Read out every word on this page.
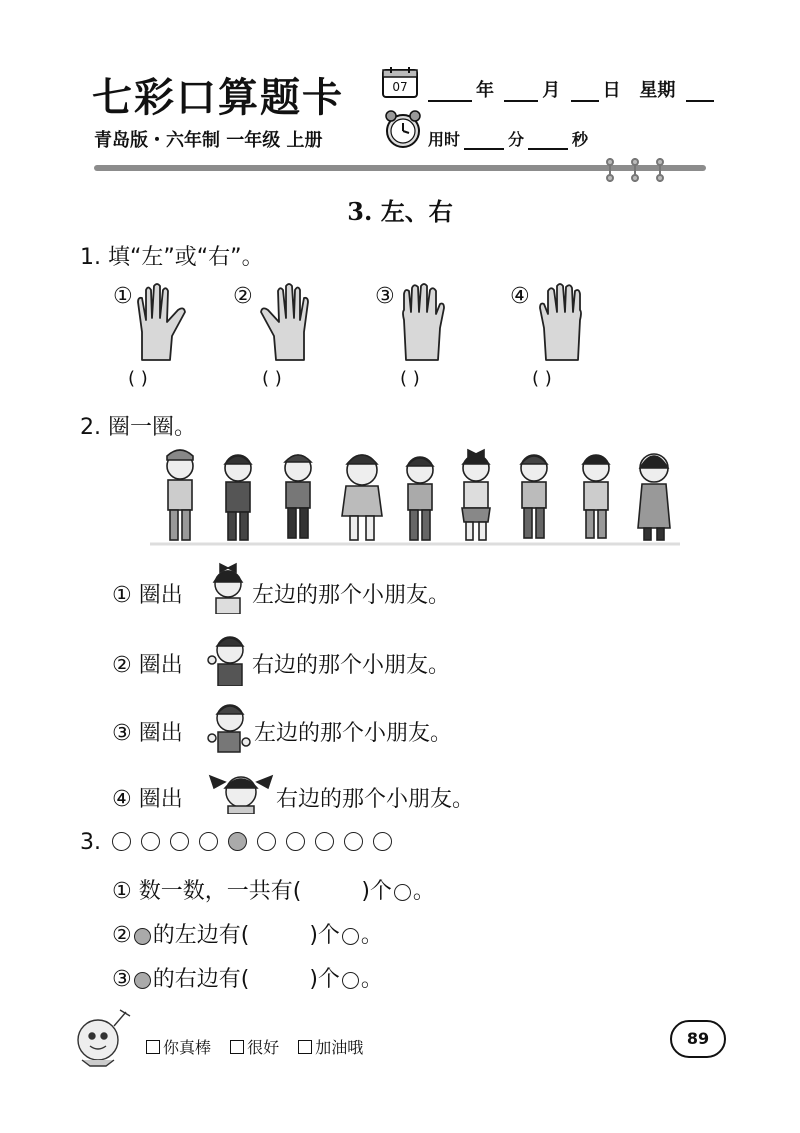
七彩口算题卡	07	年	月 日 星期
青岛版・六年制 一年级 上册	用时	分	秒
3. 左、右
1. 填“左”或“右”。
①	②	③	④
( )	( )	( )	( )
2. 圈一圈。
① 圈出	左边的那个小朋友。
② 圈出	右边的那个小朋友。
③ 圈出	左边的那个小朋友。
④ 圈出	右边的那个小朋友。
3.
① 数一数，一共有(	)个 。
② 的左边有(	)个 。
③ 的右边有(	)个 。
你真棒 很好 加油哦	89
